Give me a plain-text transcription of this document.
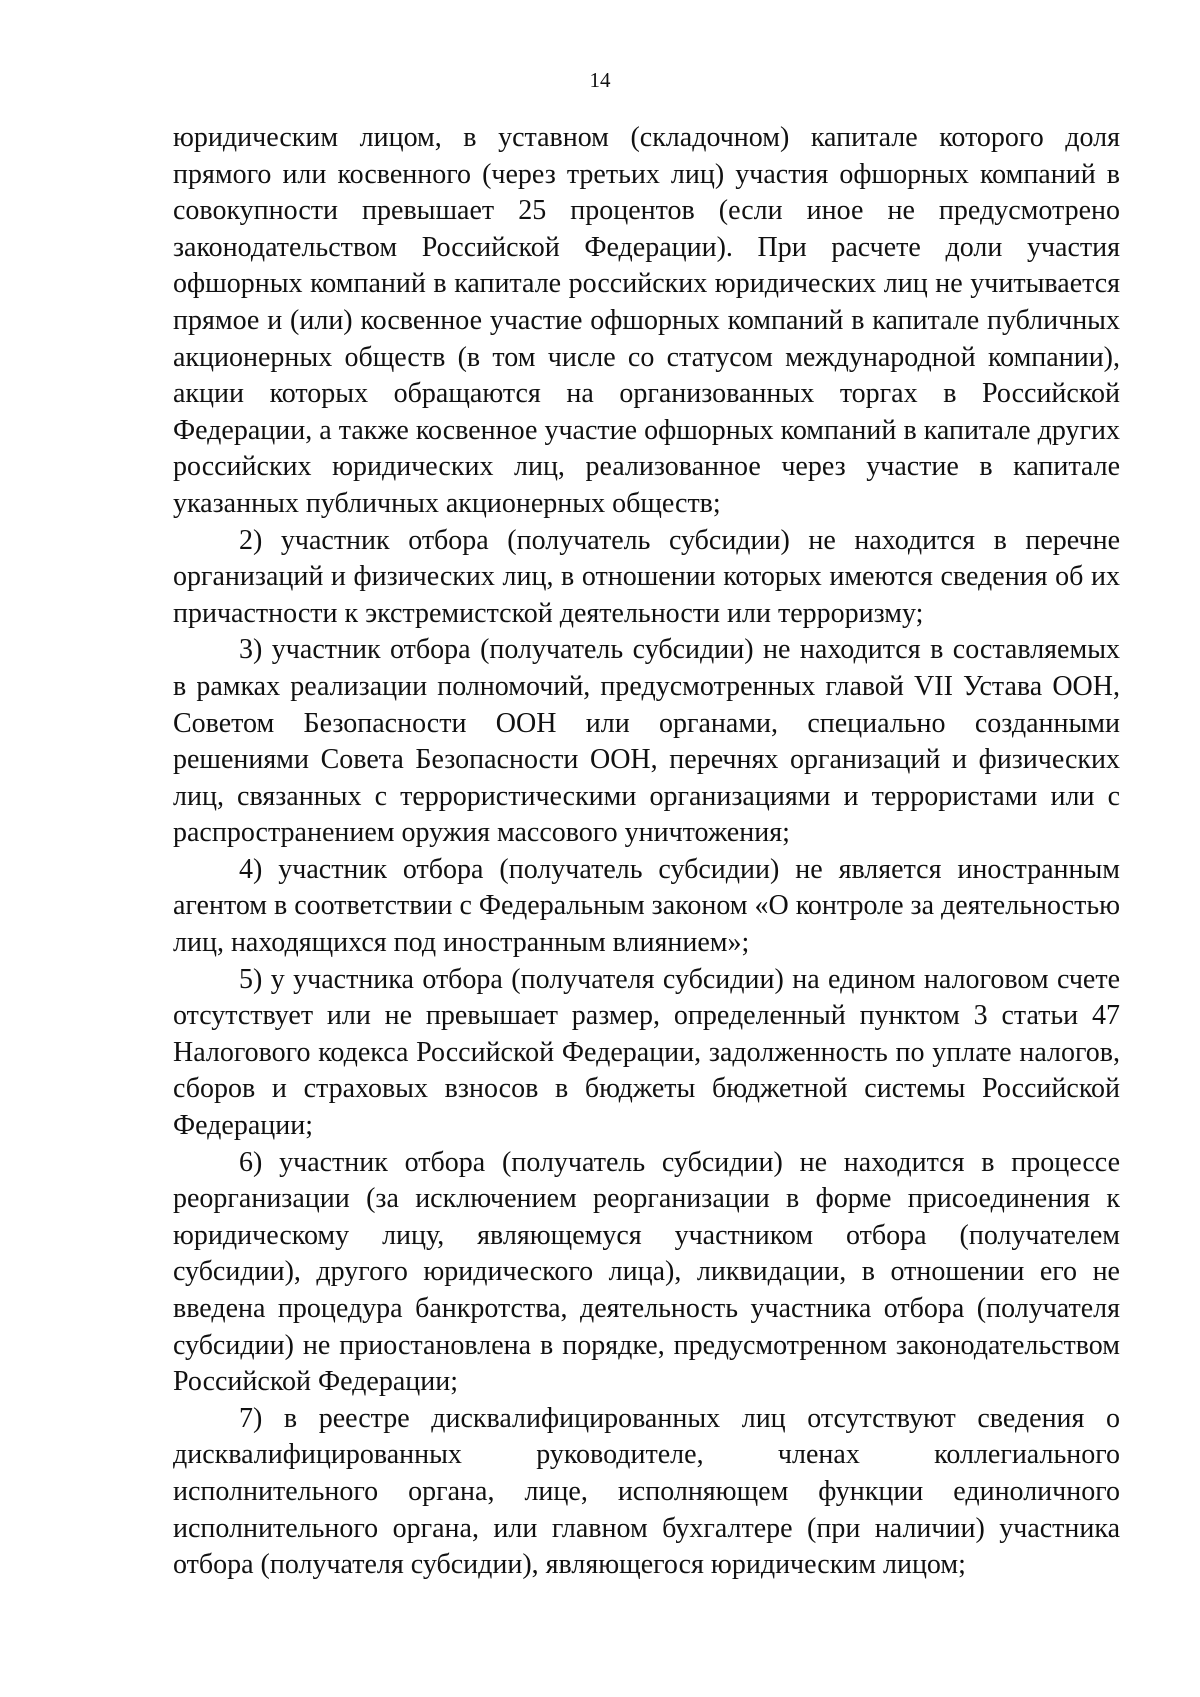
14

юридическим лицом, в уставном (складочном) капитале которого доля прямого или косвенного (через третьих лиц) участия офшорных компаний в совокупности превышает 25 процентов (если иное не предусмотрено законодательством Российской Федерации). При расчете доли участия офшорных компаний в капитале российских юридических лиц не учитывается прямое и (или) косвенное участие офшорных компаний в капитале публичных акционерных обществ (в том числе со статусом международной компании), акции которых обращаются на организованных торгах в Российской Федерации, а также косвенное участие офшорных компаний в капитале других российских юридических лиц, реализованное через участие в капитале указанных публичных акционерных обществ;

2) участник отбора (получатель субсидии) не находится в перечне организаций и физических лиц, в отношении которых имеются сведения об их причастности к экстремистской деятельности или терроризму;

3) участник отбора (получатель субсидии) не находится в составляемых в рамках реализации полномочий, предусмотренных главой VII Устава ООН, Советом Безопасности ООН или органами, специально созданными решениями Совета Безопасности ООН, перечнях организаций и физических лиц, связанных с террористическими организациями и террористами или с распространением оружия массового уничтожения;

4) участник отбора (получатель субсидии) не является иностранным агентом в соответствии с Федеральным законом «О контроле за деятельностью лиц, находящихся под иностранным влиянием»;

5) у участника отбора (получателя субсидии) на едином налоговом счете отсутствует или не превышает размер, определенный пунктом 3 статьи 47 Налогового кодекса Российской Федерации, задолженность по уплате налогов, сборов и страховых взносов в бюджеты бюджетной системы Российской Федерации;

6) участник отбора (получатель субсидии) не находится в процессе реорганизации (за исключением реорганизации в форме присоединения к юридическому лицу, являющемуся участником отбора (получателем субсидии), другого юридического лица), ликвидации, в отношении его не введена процедура банкротства, деятельность участника отбора (получателя субсидии) не приостановлена в порядке, предусмотренном законодательством Российской Федерации;

7) в реестре дисквалифицированных лиц отсутствуют сведения о дисквалифицированных руководителе, членах коллегиального исполнительного органа, лице, исполняющем функции единоличного исполнительного органа, или главном бухгалтере (при наличии) участника отбора (получателя субсидии), являющегося юридическим лицом;
